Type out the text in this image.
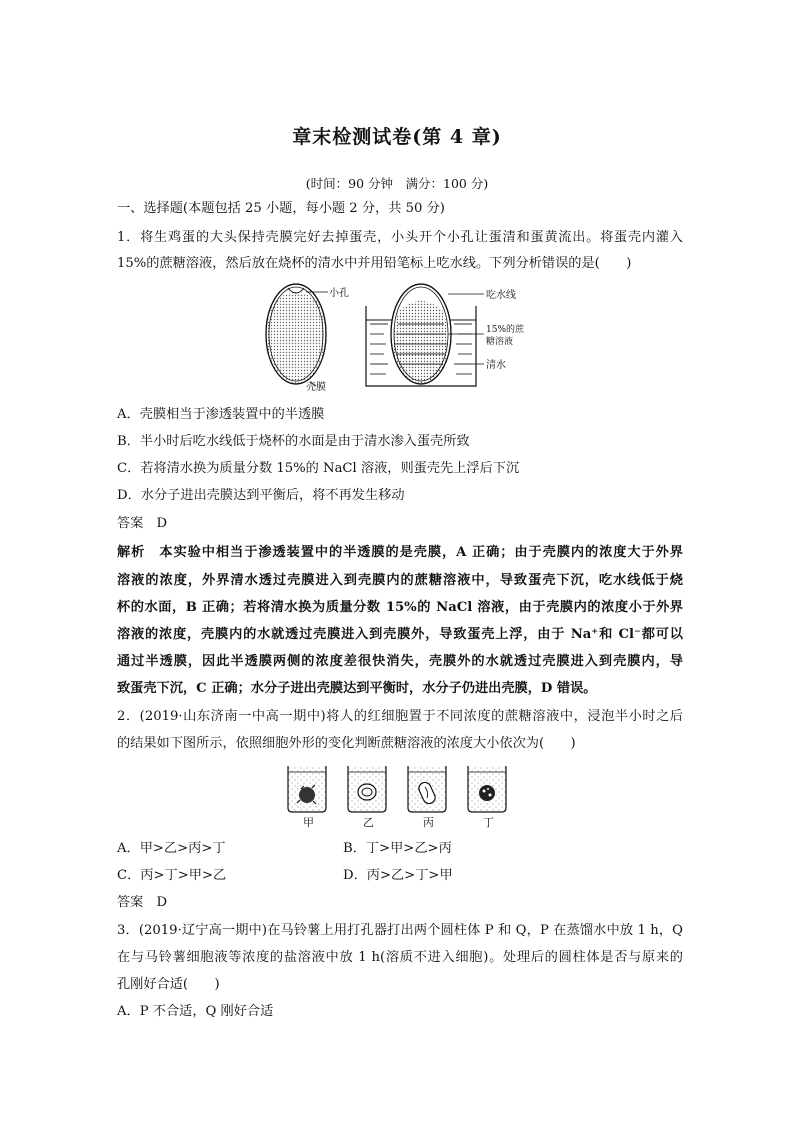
章末检测试卷(第 4 章)
(时间：90 分钟　满分：100 分)
一、选择题(本题包括 25 小题，每小题 2 分，共 50 分)
1．将生鸡蛋的大头保持壳膜完好去掉蛋壳，小头开个小孔让蛋清和蛋黄流出。将蛋壳内灌入
15%的蔗糖溶液，然后放在烧杯的清水中并用铅笔标上吃水线。下列分析错误的是(　　)
小孔
壳膜
吃水线
15%的蔗
糖溶液
清水
A．壳膜相当于渗透装置中的半透膜
B．半小时后吃水线低于烧杯的水面是由于清水渗入蛋壳所致
C．若将清水换为质量分数 15%的 NaCl 溶液，则蛋壳先上浮后下沉
D．水分子进出壳膜达到平衡后，将不再发生移动
答案　D
解析　本实验中相当于渗透装置中的半透膜的是壳膜，A 正确；由于壳膜内的浓度大于外界
溶液的浓度，外界清水透过壳膜进入到壳膜内的蔗糖溶液中，导致蛋壳下沉，吃水线低于烧
杯的水面，B 正确；若将清水换为质量分数 15%的 NaCl 溶液，由于壳膜内的浓度小于外界
溶液的浓度，壳膜内的水就透过壳膜进入到壳膜外，导致蛋壳上浮，由于 Na⁺和 Cl⁻都可以
通过半透膜，因此半透膜两侧的浓度差很快消失，壳膜外的水就透过壳膜进入到壳膜内，导
致蛋壳下沉，C 正确；水分子进出壳膜达到平衡时，水分子仍进出壳膜，D 错误。
2．(2019·山东济南一中高一期中)将人的红细胞置于不同浓度的蔗糖溶液中，浸泡半小时之后
的结果如下图所示，依照细胞外形的变化判断蔗糖溶液的浓度大小依次为(　　)
甲	乙	丙	丁
A．甲>乙>丙>丁	B．丁>甲>乙>丙
C．丙>丁>甲>乙	D．丙>乙>丁>甲
答案　D
3．(2019·辽宁高一期中)在马铃薯上用打孔器打出两个圆柱体 P 和 Q，P 在蒸馏水中放 1 h，Q
在与马铃薯细胞液等浓度的盐溶液中放 1 h(溶质不进入细胞)。处理后的圆柱体是否与原来的
孔刚好合适(　　)
A．P 不合适，Q 刚好合适
